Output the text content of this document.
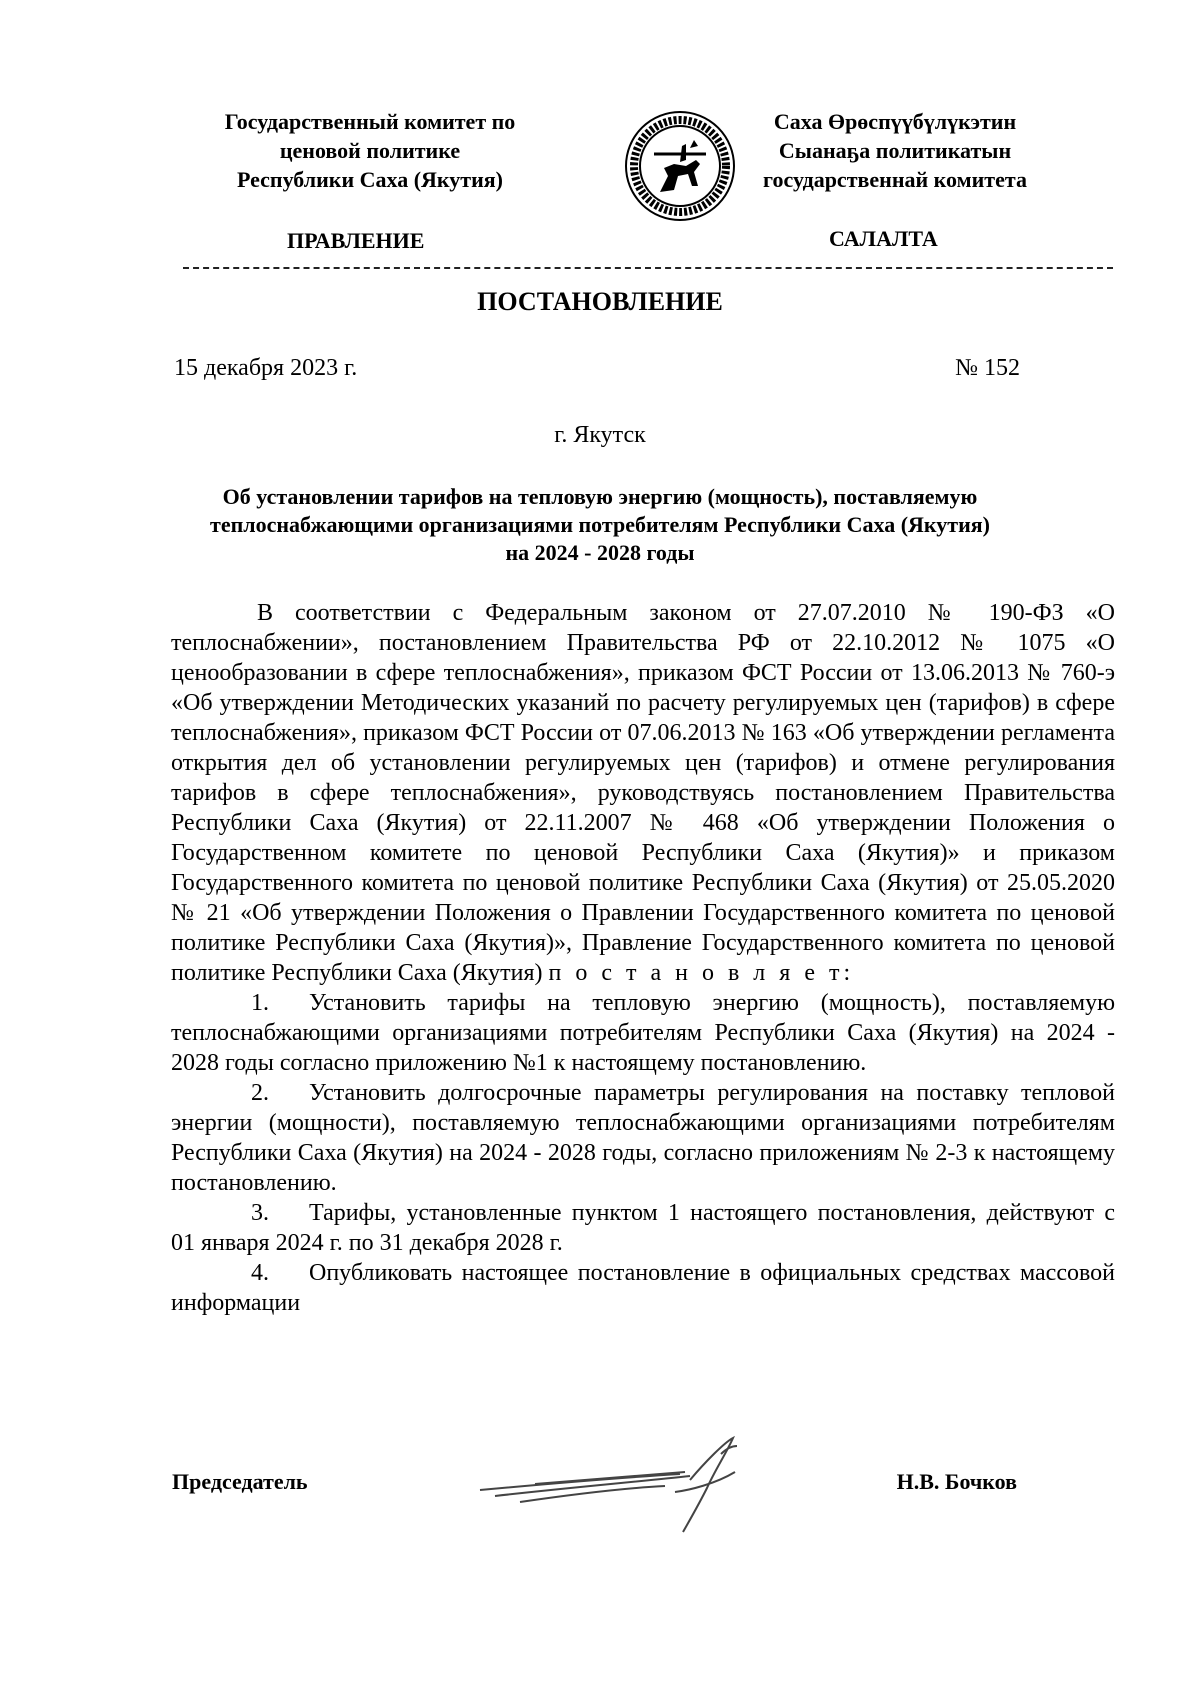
Государственный комитет по
ценовой политике
Республики Саха (Якутия)
Саха Өрөспүүбүлүкэтин
Сыанаҕа политикатын
государственнай комитета
ПРАВЛЕНИЕ	САЛАЛТА
ПОСТАНОВЛЕНИЕ
15 декабря 2023 г.	№ 152
г. Якутск
Об установлении тарифов на тепловую энергию (мощность), поставляемую
теплоснабжающими организациями потребителям Республики Саха (Якутия)
на 2024 - 2028 годы

В соответствии с Федеральным законом от 27.07.2010 № 190-ФЗ «О теплоснабжении», постановлением Правительства РФ от 22.10.2012 № 1075 «О ценообразовании в сфере теплоснабжения», приказом ФСТ России от 13.06.2013 № 760-э «Об утверждении Методических указаний по расчету регулируемых цен (тарифов) в сфере теплоснабжения», приказом ФСТ России от 07.06.2013 № 163 «Об утверждении регламента открытия дел об установлении регулируемых цен (тарифов) и отмене регулирования тарифов в сфере теплоснабжения», руководствуясь постановлением Правительства Республики Саха (Якутия) от 22.11.2007 № 468 «Об утверждении Положения о Государственном комитете по ценовой Республики Саха (Якутия)» и приказом Государственного комитета по ценовой политике Республики Саха (Якутия) от 25.05.2020 № 21 «Об утверждении Положения о Правлении Государственного комитета по ценовой политике Республики Саха (Якутия)», Правление Государственного комитета по ценовой политике Республики Саха (Якутия) п о с т а н о в л я е т:

1. Установить тарифы на тепловую энергию (мощность), поставляемую теплоснабжающими организациями потребителям Республики Саха (Якутия) на 2024 - 2028 годы согласно приложению №1 к настоящему постановлению.

2. Установить долгосрочные параметры регулирования на поставку тепловой энергии (мощности), поставляемую теплоснабжающими организациями потребителям Республики Саха (Якутия) на 2024 - 2028 годы, согласно приложениям № 2-3 к настоящему постановлению.

3. Тарифы, установленные пунктом 1 настоящего постановления, действуют с 01 января 2024 г. по 31 декабря 2028 г.

4. Опубликовать настоящее постановление в официальных средствах массовой информации

Председатель	Н.В. Бочков
